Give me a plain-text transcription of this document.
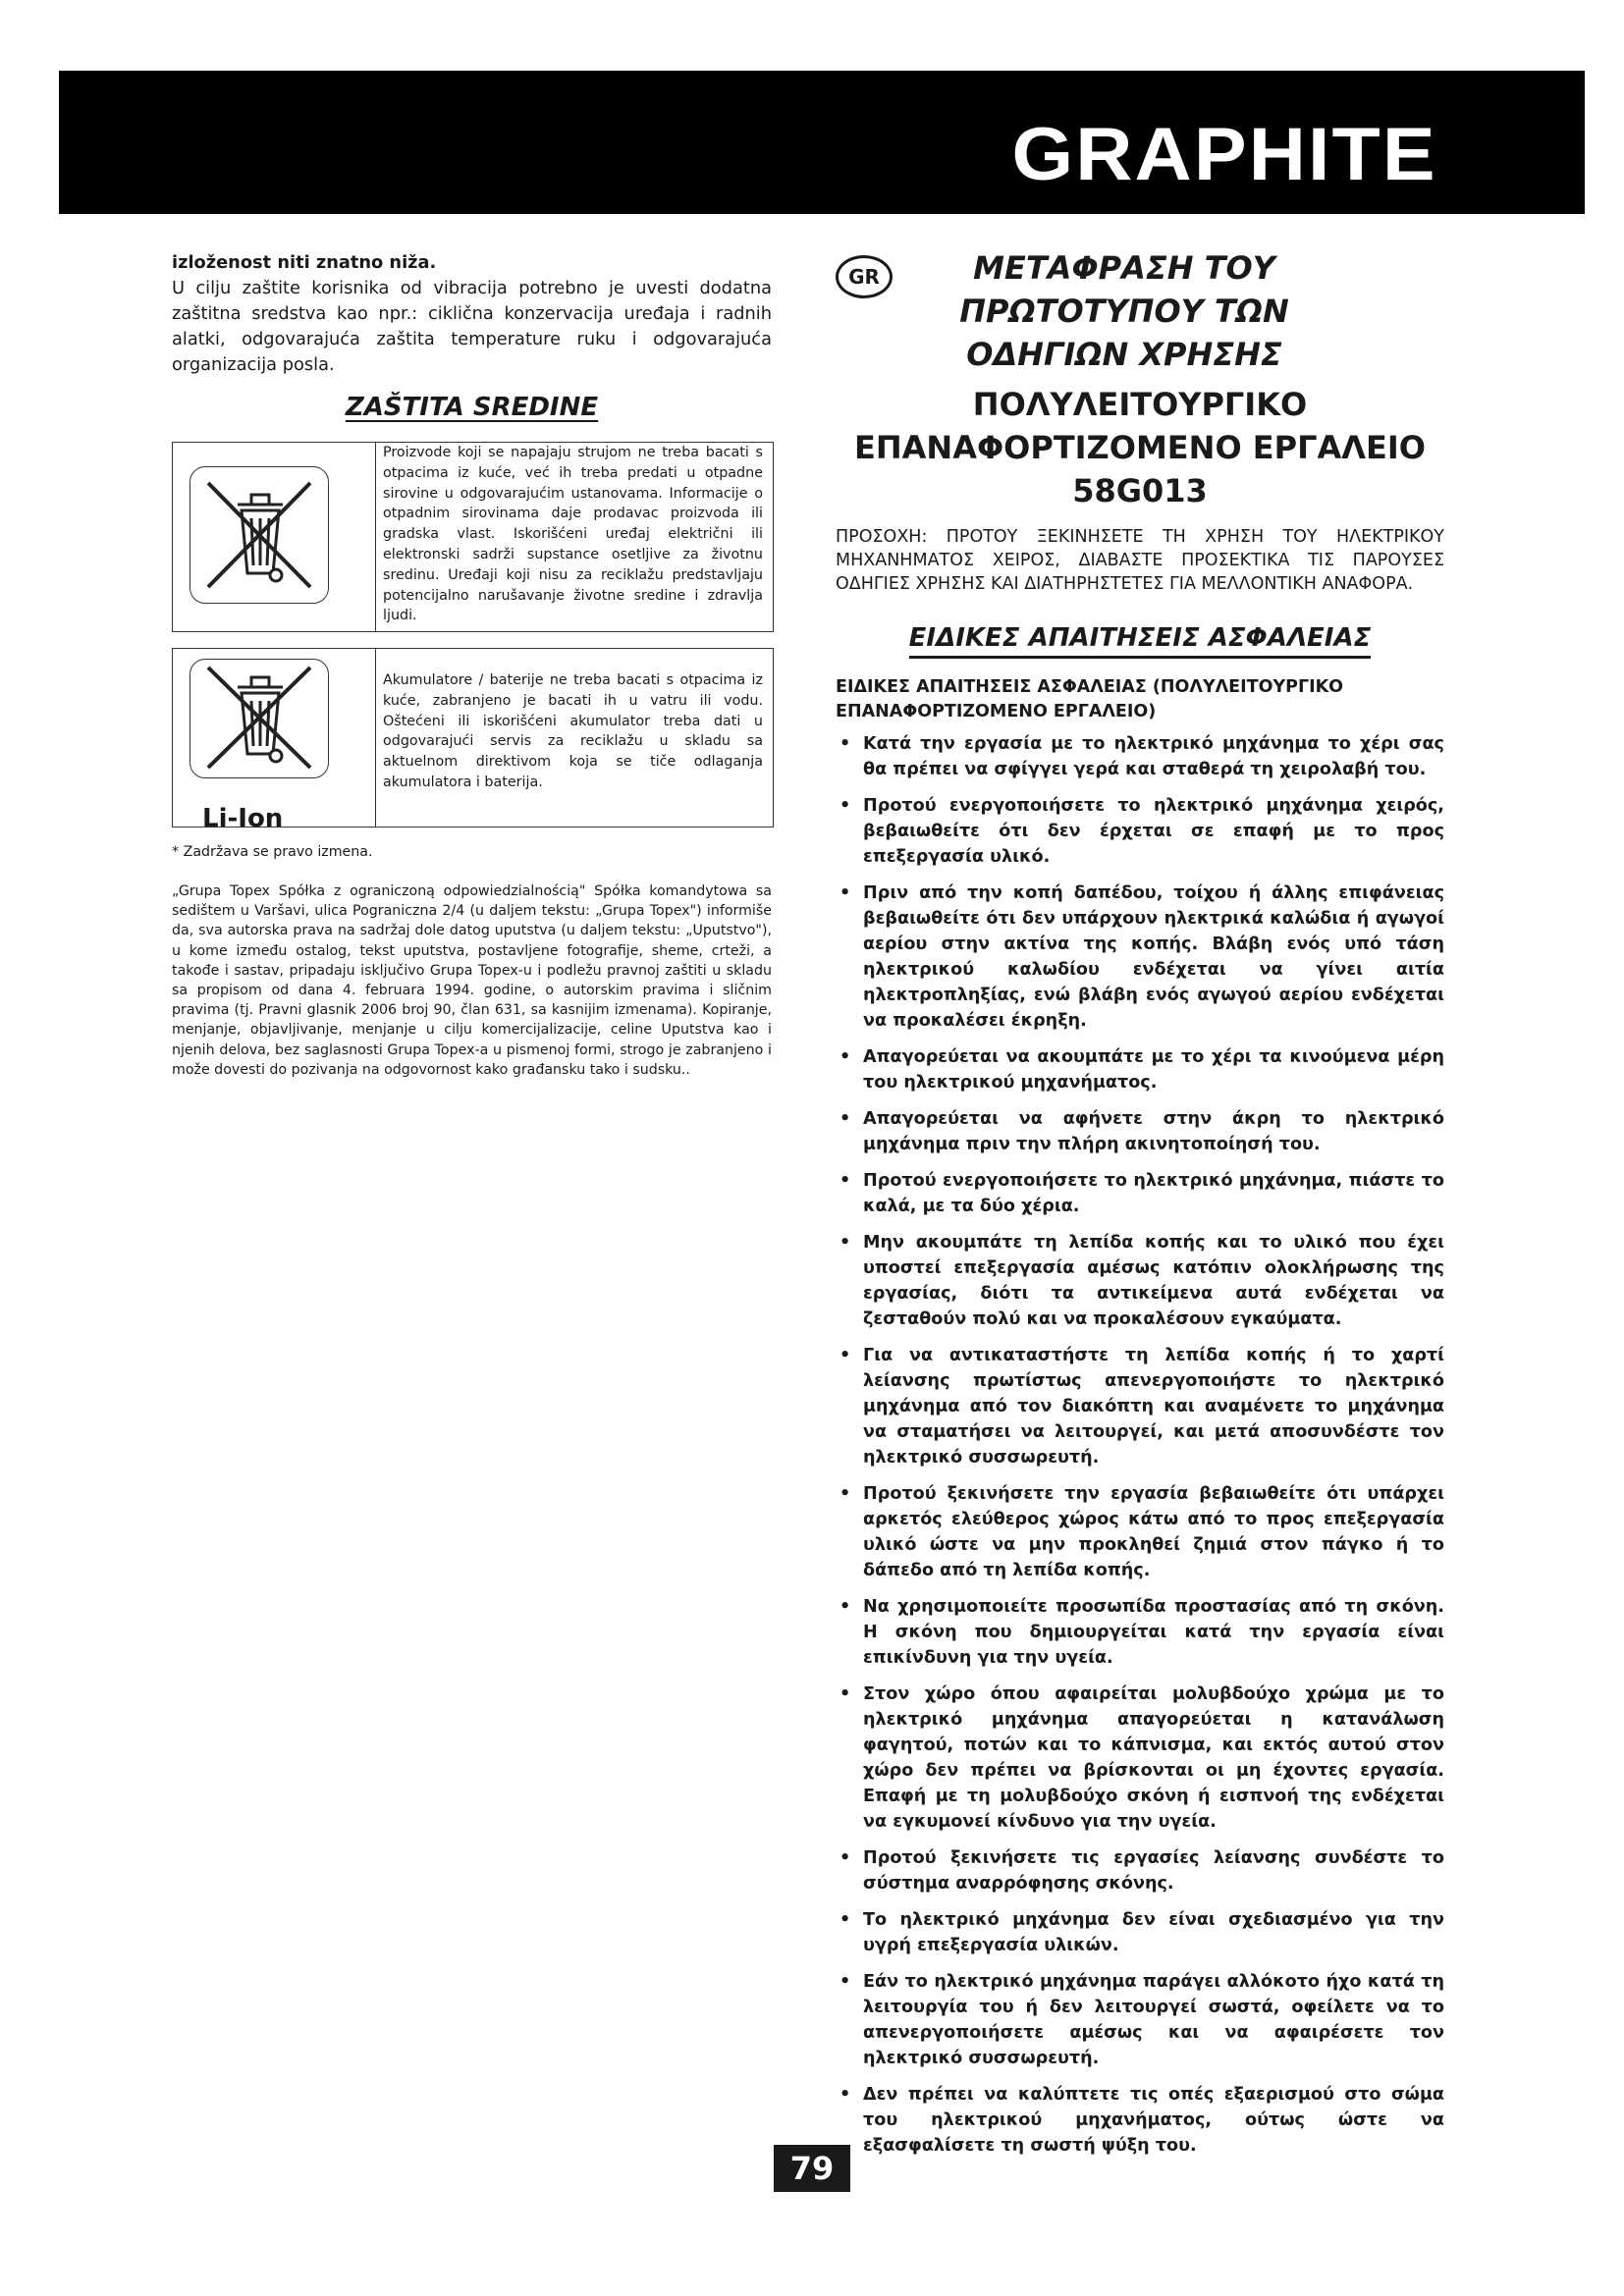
GRAPHITE

izloženost niti znatno niža.
U cilju zaštite korisnika od vibracija potrebno je uvesti dodatna zaštitna sredstva kao npr.: ciklična konzervacija uređaja i radnih alatki, odgovarajuća zaštita temperature ruku i odgovarajuća organizacija posla.

ZAŠTITA SREDINE

Proizvode koji se napajaju strujom ne treba bacati s otpacima iz kuće, već ih treba predati u otpadne sirovine u odgovarajućim ustanovama. Informacije o otpadnim sirovinama daje prodavac proizvoda ili gradska vlast. Iskorišćeni uređaj električni ili elektronski sadrži supstance osetljive za životnu sredinu. Uređaji koji nisu za reciklažu predstavljaju potencijalno narušavanje životne sredine i zdravlja ljudi.
Li-Ion
Akumulatore / baterije ne treba bacati s otpacima iz kuće, zabranjeno je bacati ih u vatru ili vodu. Oštećeni ili iskorišćeni akumulator treba dati u odgovarajući servis za reciklažu u skladu sa aktuelnom direktivom koja se tiče odlaganja akumulatora i baterija.

* Zadržava se pravo izmena.

„Grupa Topex Spółka z ograniczoną odpowiedzialnością" Spółka komandytowa sa sedištem u Varšavi, ulica Pograniczna 2/4 (u daljem tekstu: „Grupa Topex") informiše da, sva autorska prava na sadržaj dole datog uputstva (u daljem tekstu: „Uputstvo"), u kome između ostalog, tekst uputstva, postavljene fotografije, sheme, crteži, a takođe i sastav, pripadaju isključivo Grupa Topex-u i podležu pravnoj zaštiti u skladu sa propisom od dana 4. februara 1994. godine, o autorskim pravima i sličnim pravima (tj. Pravni glasnik 2006 broj 90, član 631, sa kasnijim izmenama). Kopiranje, menjanje, objavljivanje, menjanje u cilju komercijalizacije, celine Uputstva kao i njenih delova, bez saglasnosti Grupa Topex-a u pismenoj formi, strogo je zabranjeno i može dovesti do pozivanja na odgovornost kako građansku tako i sudsku..

GR	ΜΕΤΑΦΡΑΣΗ ΤΟΥ ΠΡΩΤΟΤΥΠΟΥ ΤΩΝ ΟΔΗΓΙΩΝ ΧΡΗΣΗΣ
ΠΟΛΥΛΕΙΤΟΥΡΓΙΚΟ
ΕΠΑΝΑΦΟΡΤΙΖΟΜΕΝΟ ΕΡΓΑΛΕΙΟ
58G013
ΠΡΟΣΟΧΗ: ΠΡΟΤΟΥ ΞΕΚΙΝΗΣΕΤΕ ΤΗ ΧΡΗΣΗ ΤΟΥ ΗΛΕΚΤΡΙΚΟΥ ΜΗΧΑΝΗΜΑΤΟΣ ΧΕΙΡΟΣ, ΔΙΑΒΑΣΤΕ ΠΡΟΣΕΚΤΙΚΑ ΤΙΣ ΠΑΡΟΥΣΕΣ ΟΔΗΓΙΕΣ ΧΡΗΣΗΣ ΚΑΙ ΔΙΑΤΗΡΗΣΤΕΤΕΣ ΓΙΑ ΜΕΛΛΟΝΤΙΚΗ ΑΝΑΦΟΡΑ.
ΕΙΔΙΚΕΣ ΑΠΑΙΤΗΣΕΙΣ ΑΣΦΑΛΕΙΑΣ
ΕΙΔΙΚΕΣ ΑΠΑΙΤΗΣΕΙΣ ΑΣΦΑΛΕΙΑΣ (ΠΟΛΥΛΕΙΤΟΥΡΓΙΚΟ ΕΠΑΝΑΦΟΡΤΙΖΟΜΕΝΟ ΕΡΓΑΛΕΙΟ)
• Κατά την εργασία με το ηλεκτρικό μηχάνημα το χέρι σας θα πρέπει να σφίγγει γερά και σταθερά τη χειρολαβή του.
• Προτού ενεργοποιήσετε το ηλεκτρικό μηχάνημα χειρός, βεβαιωθείτε ότι δεν έρχεται σε επαφή με το προς επεξεργασία υλικό.
• Πριν από την κοπή δαπέδου, τοίχου ή άλλης επιφάνειας βεβαιωθείτε ότι δεν υπάρχουν ηλεκτρικά καλώδια ή αγωγοί αερίου στην ακτίνα της κοπής. Βλάβη ενός υπό τάση ηλεκτρικού καλωδίου ενδέχεται να γίνει αιτία ηλεκτροπληξίας, ενώ βλάβη ενός αγωγού αερίου ενδέχεται να προκαλέσει έκρηξη.
• Απαγορεύεται να ακουμπάτε με το χέρι τα κινούμενα μέρη του ηλεκτρικού μηχανήματος.
• Απαγορεύεται να αφήνετε στην άκρη το ηλεκτρικό μηχάνημα πριν την πλήρη ακινητοποίησή του.
• Προτού ενεργοποιήσετε το ηλεκτρικό μηχάνημα, πιάστε το καλά, με τα δύο χέρια.
• Μην ακουμπάτε τη λεπίδα κοπής και το υλικό που έχει υποστεί επεξεργασία αμέσως κατόπιν ολοκλήρωσης της εργασίας, διότι τα αντικείμενα αυτά ενδέχεται να ζεσταθούν πολύ και να προκαλέσουν εγκαύματα.
• Για να αντικαταστήστε τη λεπίδα κοπής ή το χαρτί λείανσης πρωτίστως απενεργοποιήστε το ηλεκτρικό μηχάνημα από τον διακόπτη και αναμένετε το μηχάνημα να σταματήσει να λειτουργεί, και μετά αποσυνδέστε τον ηλεκτρικό συσσωρευτή.
• Προτού ξεκινήσετε την εργασία βεβαιωθείτε ότι υπάρχει αρκετός ελεύθερος χώρος κάτω από το προς επεξεργασία υλικό ώστε να μην προκληθεί ζημιά στον πάγκο ή το δάπεδο από τη λεπίδα κοπής.
• Να χρησιμοποιείτε προσωπίδα προστασίας από τη σκόνη. Η σκόνη που δημιουργείται κατά την εργασία είναι επικίνδυνη για την υγεία.
• Στον χώρο όπου αφαιρείται μολυβδούχο χρώμα με το ηλεκτρικό μηχάνημα απαγορεύεται η κατανάλωση φαγητού, ποτών και το κάπνισμα, και εκτός αυτού στον χώρο δεν πρέπει να βρίσκονται οι μη έχοντες εργασία. Επαφή με τη μολυβδούχο σκόνη ή εισπνοή της ενδέχεται να εγκυμονεί κίνδυνο για την υγεία.
• Προτού ξεκινήσετε τις εργασίες λείανσης συνδέστε το σύστημα αναρρόφησης σκόνης.
• Το ηλεκτρικό μηχάνημα δεν είναι σχεδιασμένο για την υγρή επεξεργασία υλικών.
• Εάν το ηλεκτρικό μηχάνημα παράγει αλλόκοτο ήχο κατά τη λειτουργία του ή δεν λειτουργεί σωστά, οφείλετε να το απενεργοποιήσετε αμέσως και να αφαιρέσετε τον ηλεκτρικό συσσωρευτή.
• Δεν πρέπει να καλύπτετε τις οπές εξαερισμού στο σώμα του ηλεκτρικού μηχανήματος, ούτως ώστε να εξασφαλίσετε τη σωστή ψύξη του.
79
